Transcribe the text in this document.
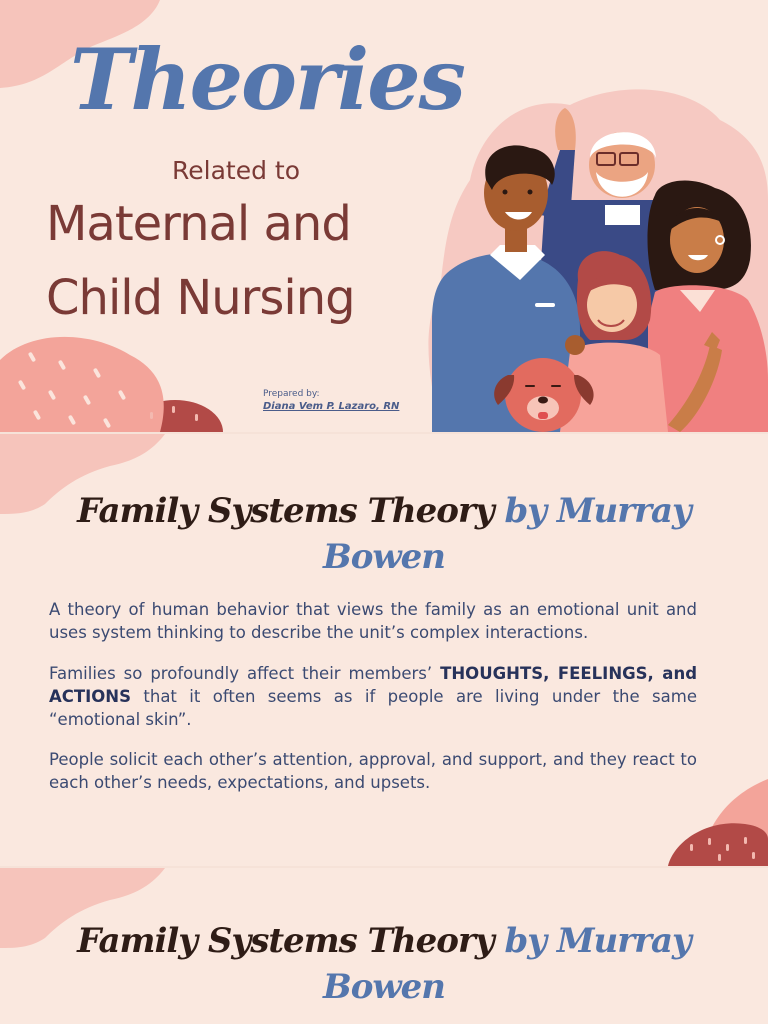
Theories
Related to
Maternal and
Child Nursing
Prepared by:
Diana Vem P. Lazaro, RN
Family Systems Theory by Murray Bowen

A theory of human behavior that views the family as an emotional unit and uses system thinking to describe the unit’s complex interactions.

Families so profoundly affect their members’ THOUGHTS, FEELINGS, and ACTIONS that it often seems as if people are living under the same “emotional skin”.

People solicit each other’s attention, approval, and support, and they react to each other’s needs, expectations, and upsets.

Family Systems Theory by Murray Bowen
